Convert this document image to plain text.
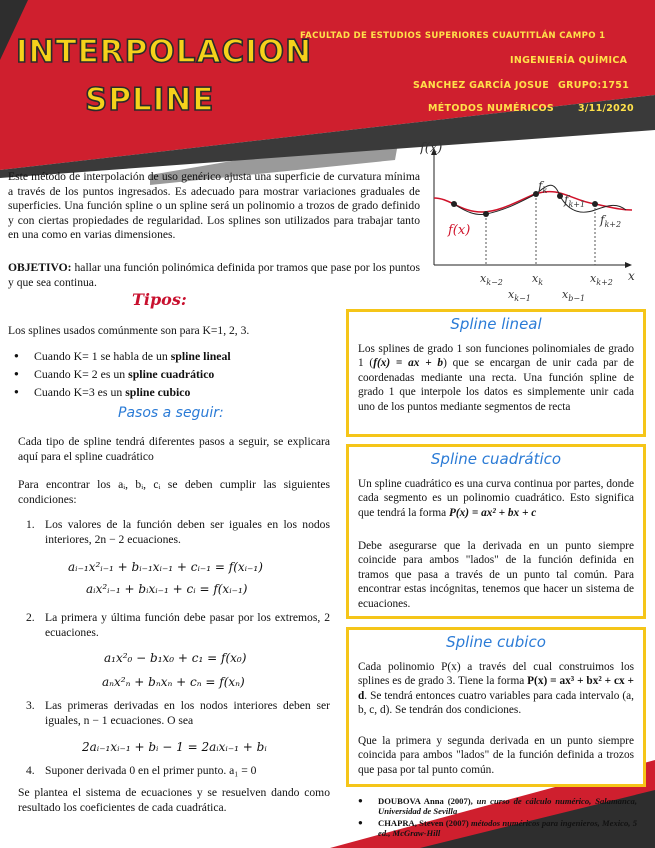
INTERPOLACION
SPLINE
FACULTAD DE ESTUDIOS SUPERIORES CUAUTITLÁN CAMPO 1
INGENIERÍA QUÍMICA
SANCHEZ GARCÍA JOSUE GRUPO:1751
MÉTODOS NUMÉRICOS	3/11/2020
Este método de interpolación de uso genérico ajusta una superficie de curvatura mínima a través de los puntos ingresados. Es adecuado para mostrar variaciones graduales de superficies. Una función spline o un spline será un polinomio a trozos de grado definido y con ciertas propiedades de regularidad. Los splines son utilizados para trabajar tanto en una como en varias dimensiones.
OBJETIVO: hallar una función polinómica definida por tramos que pase por los puntos y que sea continua.
f(x)
f(x)
x
$f_k$
$f_{k+1}$
$f_{k+2}$
$x_{k-2}$	$x_k$	$x_{k+2}$
$x_{k-1}$	$x_{b-1}$
Tipos:
Los splines usados comúnmente son para K=1, 2, 3.
● Cuando K= 1 se habla de un spline lineal
● Cuando K= 2 es un spline cuadrático
● Cuando K=3 es un spline cubico
Pasos a seguir:
Cada tipo de spline tendrá diferentes pasos a seguir, se explicara aquí para el spline cuadrático
Para encontrar los aᵢ, bᵢ, cᵢ se deben cumplir las siguientes condiciones:
1. Los valores de la función deben ser iguales en los nodos interiores, 2n − 2 ecuaciones.
aᵢ₋₁x²ᵢ₋₁ + bᵢ₋₁xᵢ₋₁ + cᵢ₋₁ = f(xᵢ₋₁)
aᵢx²ᵢ₋₁ + bᵢxᵢ₋₁ + cᵢ = f(xᵢ₋₁)
2. La primera y última función debe pasar por los extremos, 2 ecuaciones.
a₁x²₀ − b₁x₀ + c₁ = f(x₀)
aₙx²ₙ + bₙxₙ + cₙ = f(xₙ)
3. Las primeras derivadas en los nodos interiores deben ser iguales, n − 1 ecuaciones. O sea
2aᵢ₋₁xᵢ₋₁ + bᵢ − 1 = 2aᵢxᵢ₋₁ + bᵢ
4. Suponer derivada 0 en el primer punto. a₁ = 0
Se plantea el sistema de ecuaciones y se resuelven dando como resultado los coeficientes de cada cuadrática.
Spline lineal
Los splines de grado 1 son funciones polinomiales de grado 1 (f(x) = ax + b) que se encargan de unir cada par de coordenadas mediante una recta. Una función spline de grado 1 que interpole los datos es simplemente unir cada uno de los puntos mediante segmentos de recta
Spline cuadrático
Un spline cuadrático es una curva continua por partes, donde cada segmento es un polinomio cuadrático. Esto significa que tendrá la forma P(x) = ax² + bx + c
Debe asegurarse que la derivada en un punto siempre coincide para ambos "lados" de la función definida en tramos que pasa a través de un punto tal común. Para encontrar estas incógnitas, tenemos que hacer un sistema de ecuaciones.
Spline cubico
Cada polinomio P(x) a través del cual construimos los splines es de grado 3. Tiene la forma P(x) = ax³ + bx² + cx + d. Se tendrá entonces cuatro variables para cada intervalo (a, b, c, d). Se tendrán dos condiciones.
Que la primera y segunda derivada en un punto siempre coincida para ambos "lados" de la función definida a trozos que pasa por tal punto común.
● DOUBOVA Anna (2007), un curso de cálculo numérico, Salamanca, Universidad de Sevilla
● CHAPRA, Steven (2007) métodos numéricos para ingenieros, Mexico, 5 ed., McGraw-Hill
